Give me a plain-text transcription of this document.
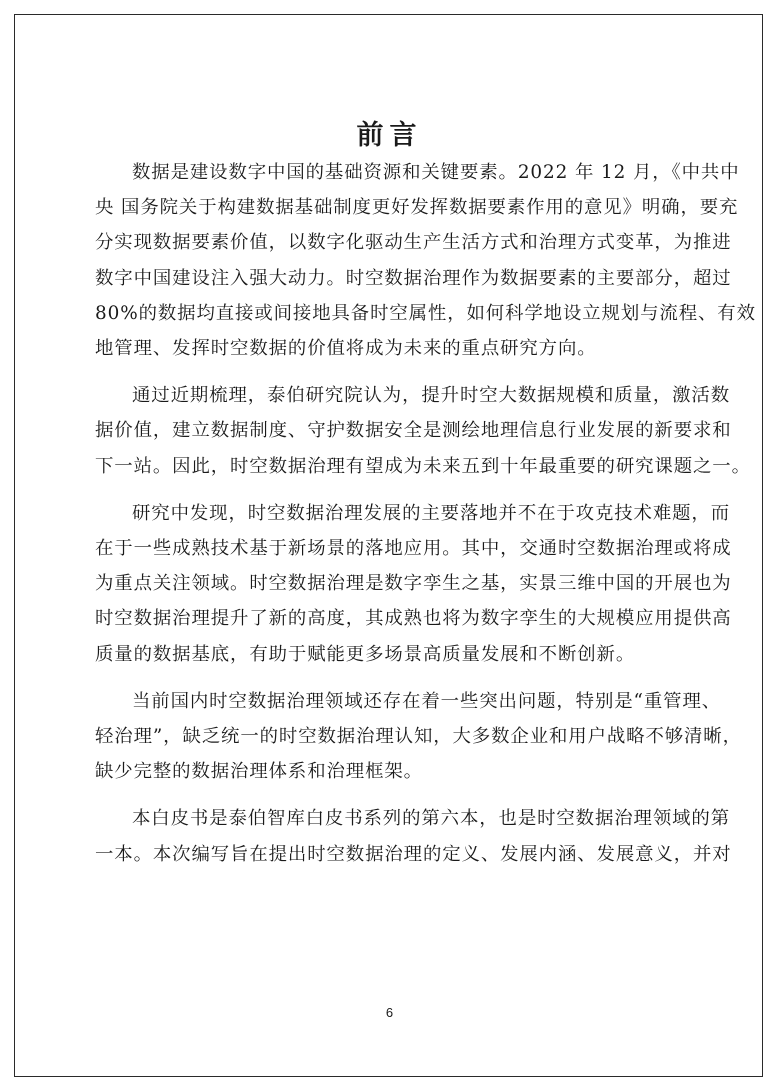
前言

数据是建设数字中国的基础资源和关键要素。2022 年 12 月，《中共中
央 国务院关于构建数据基础制度更好发挥数据要素作用的意见》明确，要充
分实现数据要素价值，以数字化驱动生产生活方式和治理方式变革，为推进
数字中国建设注入强大动力。时空数据治理作为数据要素的主要部分，超过
80%的数据均直接或间接地具备时空属性，如何科学地设立规划与流程、有效
地管理、发挥时空数据的价值将成为未来的重点研究方向。

通过近期梳理，泰伯研究院认为，提升时空大数据规模和质量，激活数
据价值，建立数据制度、守护数据安全是测绘地理信息行业发展的新要求和
下一站。因此，时空数据治理有望成为未来五到十年最重要的研究课题之一。

研究中发现，时空数据治理发展的主要落地并不在于攻克技术难题，而
在于一些成熟技术基于新场景的落地应用。其中，交通时空数据治理或将成
为重点关注领域。时空数据治理是数字孪生之基，实景三维中国的开展也为
时空数据治理提升了新的高度，其成熟也将为数字孪生的大规模应用提供高
质量的数据基底，有助于赋能更多场景高质量发展和不断创新。

当前国内时空数据治理领域还存在着一些突出问题，特别是“重管理、
轻治理”，缺乏统一的时空数据治理认知，大多数企业和用户战略不够清晰，
缺少完整的数据治理体系和治理框架。

本白皮书是泰伯智库白皮书系列的第六本，也是时空数据治理领域的第
一本。本次编写旨在提出时空数据治理的定义、发展内涵、发展意义，并对

6
